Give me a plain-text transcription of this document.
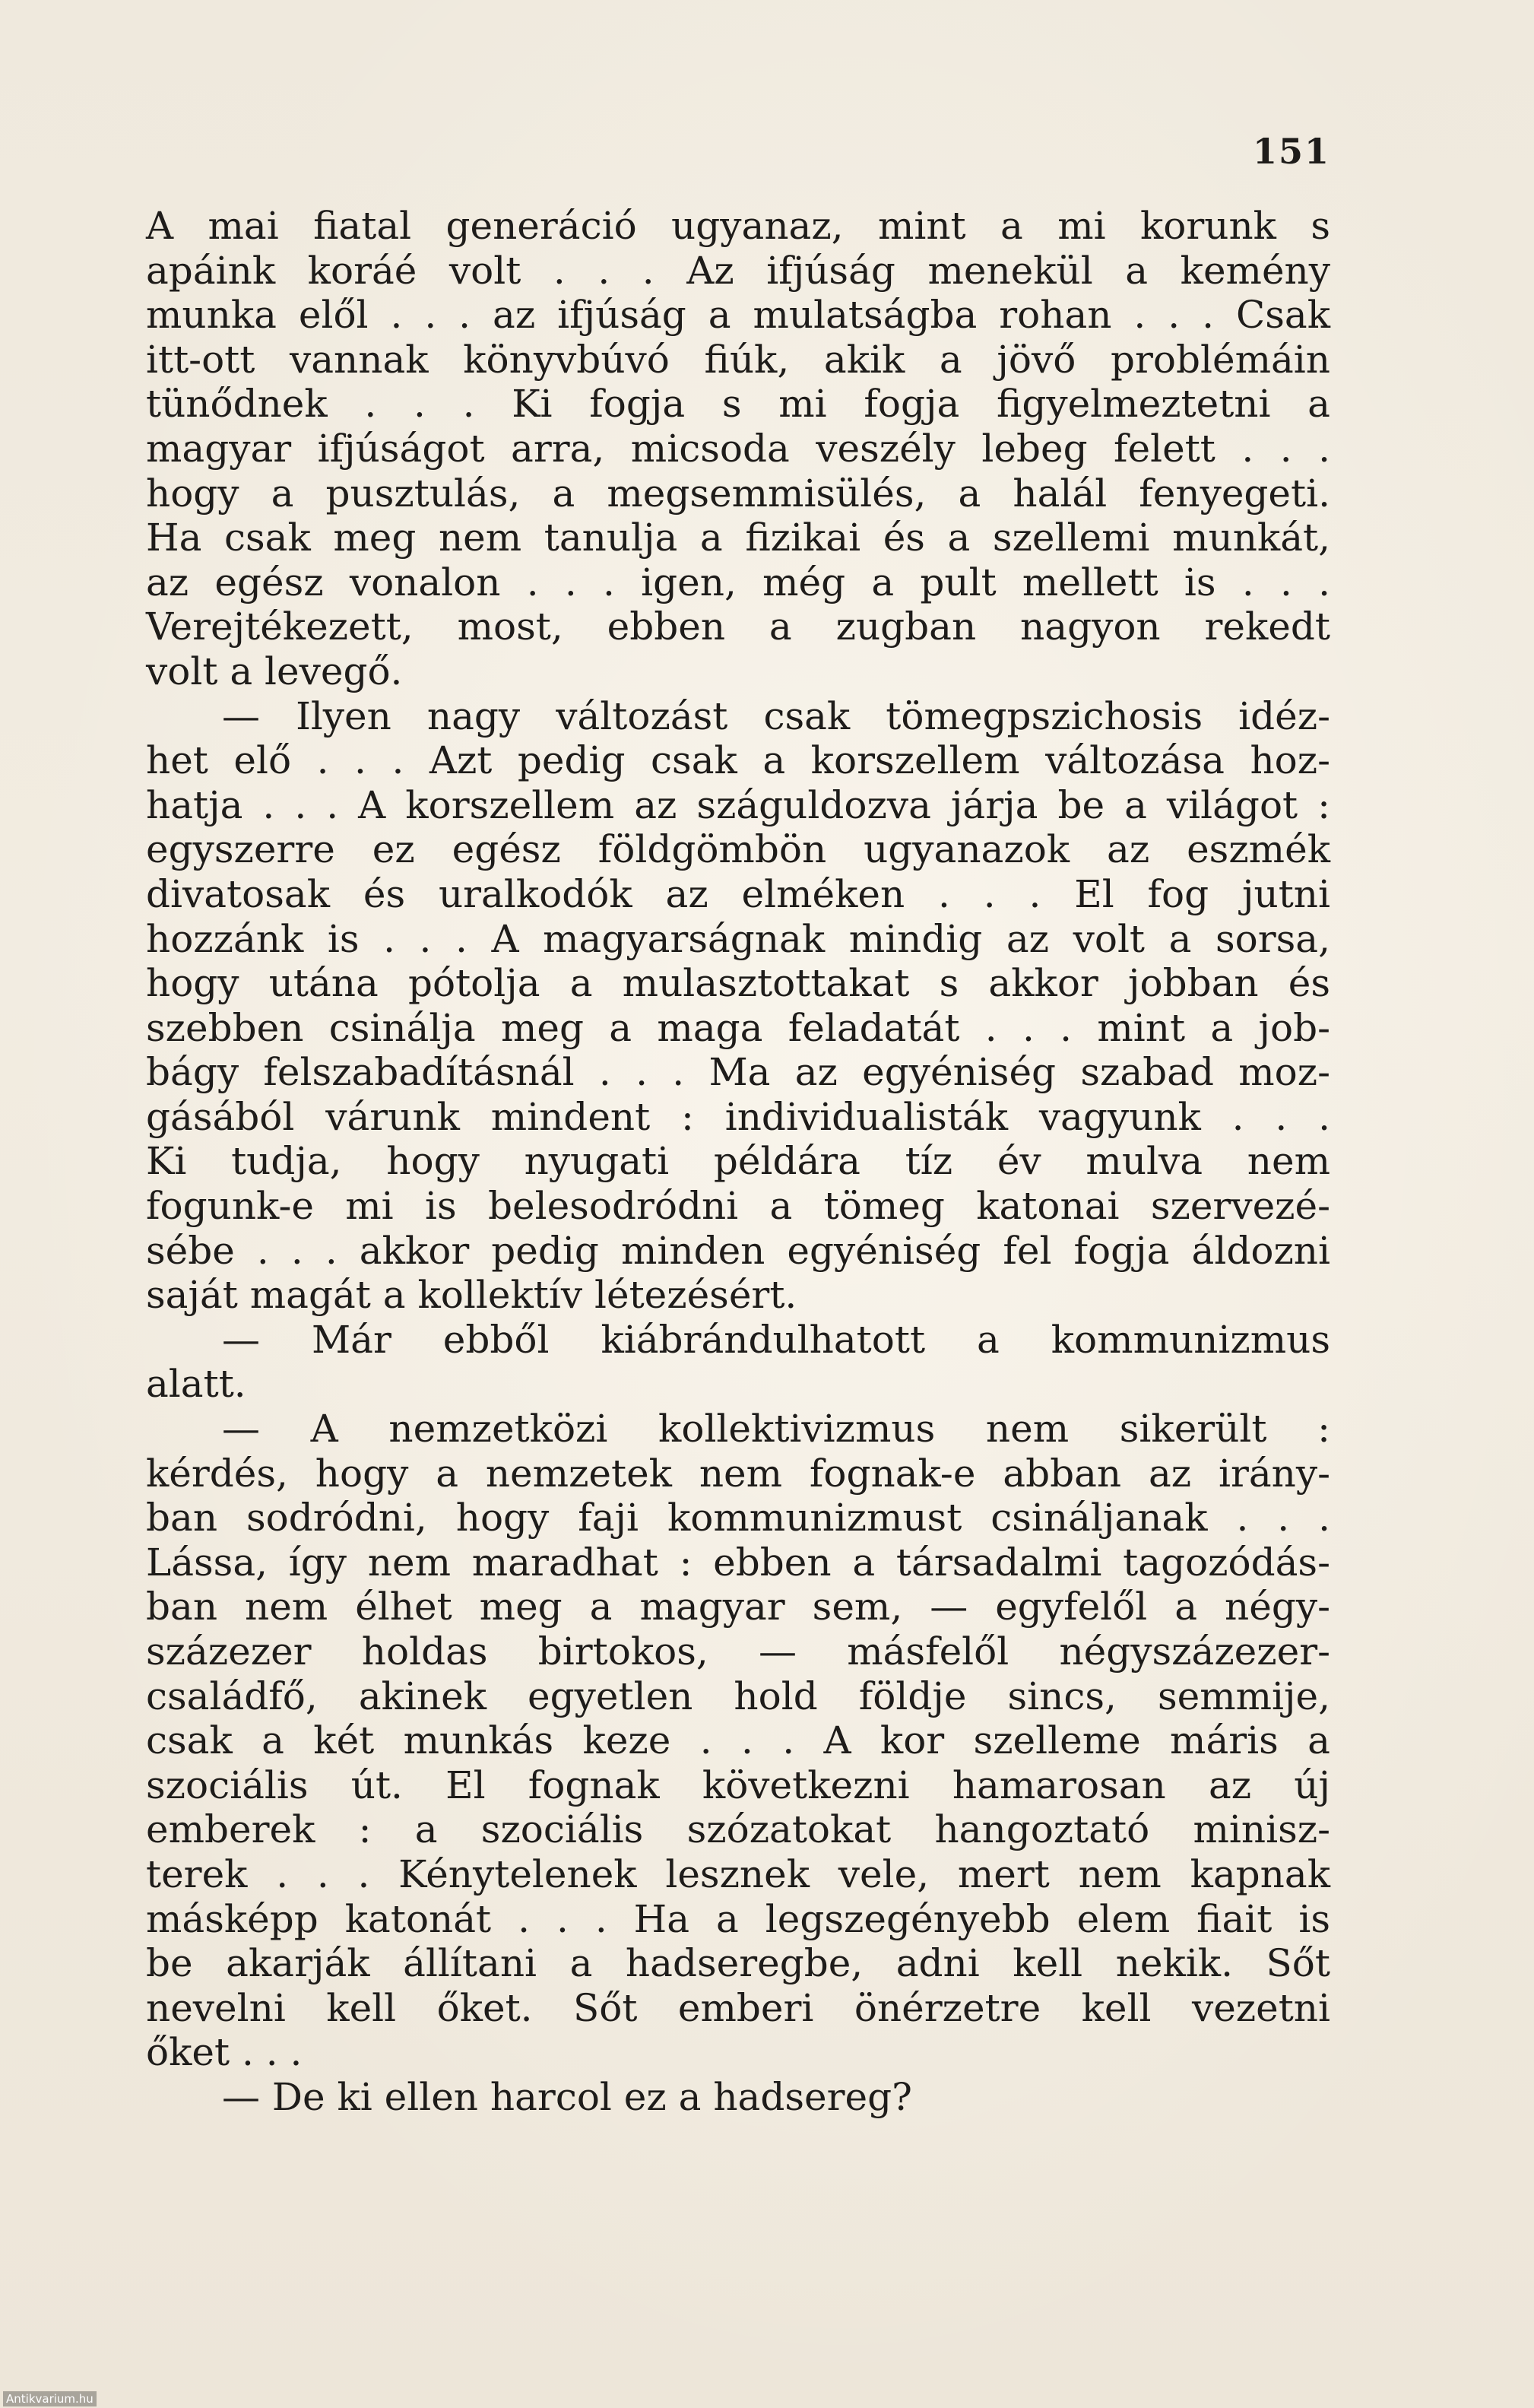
151
A mai fiatal generáció ugyanaz, mint a mi korunk s
apáink koráé volt . . . Az ifjúság menekül a kemény
munka elől . . . az ifjúság a mulatságba rohan . . . Csak
itt-ott vannak könyvbúvó fiúk, akik a jövő problémáin
tünődnek . . . Ki fogja s mi fogja figyelmeztetni a
magyar ifjúságot arra, micsoda veszély lebeg felett . . .
hogy a pusztulás, a megsemmisülés, a halál fenyegeti.
Ha csak meg nem tanulja a fizikai és a szellemi munkát,
az egész vonalon . . . igen, még a pult mellett is . . .
Verejtékezett, most, ebben a zugban nagyon rekedt
volt a levegő.
— Ilyen nagy változást csak tömegpszichosis idéz-
het elő . . . Azt pedig csak a korszellem változása hoz-
hatja . . . A korszellem az száguldozva járja be a világot :
egyszerre ez egész földgömbön ugyanazok az eszmék
divatosak és uralkodók az elméken . . . El fog jutni
hozzánk is . . . A magyarságnak mindig az volt a sorsa,
hogy utána pótolja a mulasztottakat s akkor jobban és
szebben csinálja meg a maga feladatát . . . mint a job-
bágy felszabadításnál . . . Ma az egyéniség szabad moz-
gásából várunk mindent : individualisták vagyunk . . .
Ki tudja, hogy nyugati példára tíz év mulva nem
fogunk-e mi is belesodródni a tömeg katonai szervezé-
sébe . . . akkor pedig minden egyéniség fel fogja áldozni
saját magát a kollektív létezésért.
— Már ebből kiábrándulhatott a kommunizmus
alatt.
— A nemzetközi kollektivizmus nem sikerült :
kérdés, hogy a nemzetek nem fognak-e abban az irány-
ban sodródni, hogy faji kommunizmust csináljanak . . .
Lássa, így nem maradhat : ebben a társadalmi tagozódás-
ban nem élhet meg a magyar sem, — egyfelől a négy-
százezer holdas birtokos, — másfelől négyszázezer-
családfő, akinek egyetlen hold földje sincs, semmije,
csak a két munkás keze . . . A kor szelleme máris a
szociális út. El fognak következni hamarosan az új
emberek : a szociális szózatokat hangoztató minisz-
terek . . . Kénytelenek lesznek vele, mert nem kapnak
másképp katonát . . . Ha a legszegényebb elem fiait is
be akarják állítani a hadseregbe, adni kell nekik. Sőt
nevelni kell őket. Sőt emberi önérzetre kell vezetni
őket . . .
— De ki ellen harcol ez a hadsereg?
Antikvarium.hu
